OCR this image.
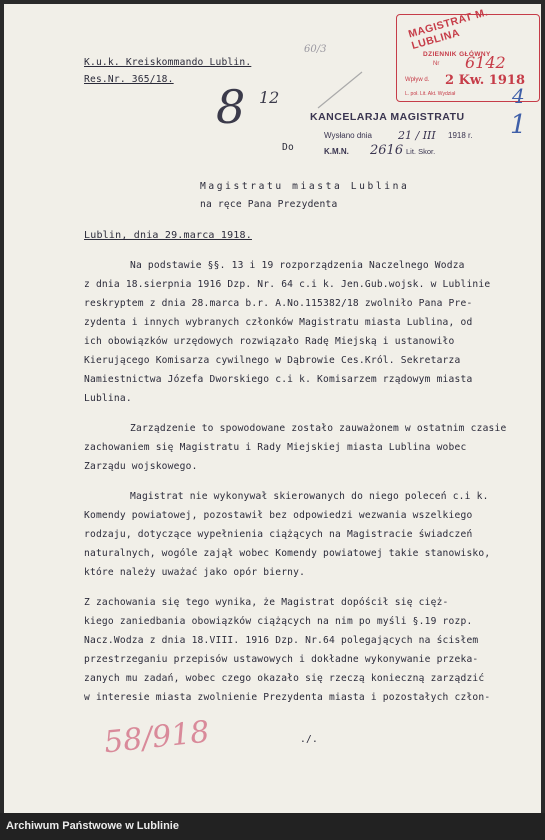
K.u.k. Kreiskommando Lublin.
Res.Nr. 365/18.
MAGISTRAT M. LUBLINA
DZIENNIK GŁÓWNY
Nr 6142
Wpływ d. 2 Kw. 1918
L. poł. Lit. Akt. Wydział
8 12
60/3
4
1
KANCELARJA MAGISTRATU
Wysłano dnia 21 / III 1918 r.
K.M.N. 2616 Lit. Skor.
Do
Magistratu miasta Lublina
na ręce Pana Prezydenta
Lublin, dnia 29.marca 1918.
Na podstawie §§. 13 i 19 rozporządzenia Naczelnego Wodza
z dnia 18.sierpnia 1916 Dzp. Nr. 64 c.i k. Jen.Gub.wojsk. w Lublinie
reskryptem z dnia 28.marca b.r. A.No.115382/18 zwolniło Pana Pre-
zydenta i innych wybranych członków Magistratu miasta Lublina, od
ich obowiązków urzędowych rozwiązało Radę Miejską i ustanowiło
Kierującego Komisarza cywilnego w Dąbrowie Ces.Król. Sekretarza
Namiestnictwa Józefa Dworskiego c.i k. Komisarzem rządowym miasta
Lublina.
Zarządzenie to spowodowane zostało zauważonem w ostatnim czasie
zachowaniem się Magistratu i Rady Miejskiej miasta Lublina wobec
Zarządu wojskowego.
Magistrat nie wykonywał skierowanych do niego poleceń c.i k.
Komendy powiatowej, pozostawił bez odpowiedzi wezwania wszelkiego
rodzaju, dotyczące wypełnienia ciążących na Magistracie świadczeń
naturalnych, wogóle zajął wobec Komendy powiatowej takie stanowisko,
które należy uważać jako opór bierny.
Z zachowania się tego wynika, że Magistrat dopóścił się cięż-
kiego zaniedbania obowiązków ciążących na nim po myśli §.19 rozp.
Nacz.Wodza z dnia 18.VIII. 1916 Dzp. Nr.64 polegających na ścisłem
przestrzeganiu przepisów ustawowych i dokładne wykonywanie przeka-
zanych mu zadań, wobec czego okazało się rzeczą konieczną zarządzić
w interesie miasta zwolnienie Prezydenta miasta i pozostałych człon-
58/918	./.
Archiwum Państwowe w Lublinie
